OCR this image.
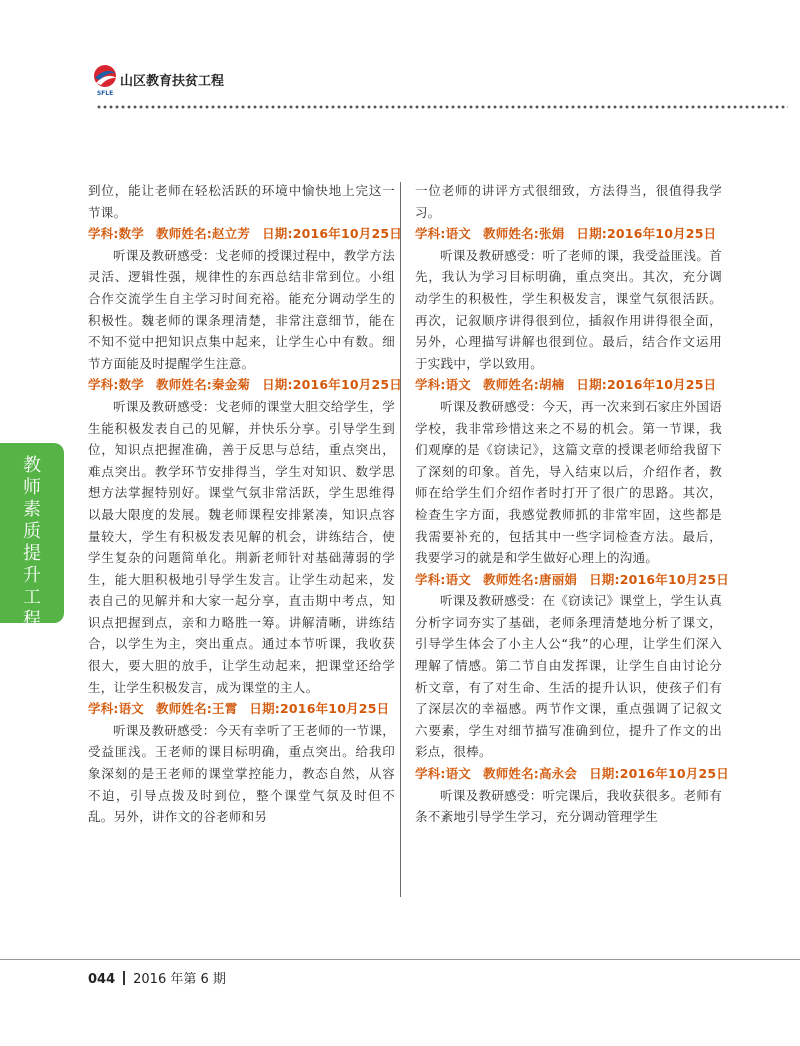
SFLE
山区教育扶贫工程
教师素质提升工程

到位，能让老师在轻松活跃的环境中愉快地上完这一节课。

学科:数学 教师姓名:赵立芳 日期:2016年10月25日

听课及教研感受：戈老师的授课过程中，教学方法灵活、逻辑性强，规律性的东西总结非常到位。小组合作交流学生自主学习时间充裕。能充分调动学生的积极性。魏老师的课条理清楚，非常注意细节，能在不知不觉中把知识点集中起来，让学生心中有数。细节方面能及时提醒学生注意。

学科:数学 教师姓名:秦金菊 日期:2016年10月25日

听课及教研感受：戈老师的课堂大胆交给学生，学生能积极发表自己的见解，并快乐分享。引导学生到位，知识点把握准确，善于反思与总结，重点突出，难点突出。教学环节安排得当，学生对知识、数学思想方法掌握特别好。课堂气氛非常活跃，学生思维得以最大限度的发展。魏老师课程安排紧凑，知识点容量较大，学生有积极发表见解的机会，讲练结合，使学生复杂的问题简单化。荆新老师针对基础薄弱的学生，能大胆积极地引导学生发言。让学生动起来，发表自己的见解并和大家一起分享，直击期中考点，知识点把握到点，亲和力略胜一筹。讲解清晰，讲练结合，以学生为主，突出重点。通过本节听课，我收获很大，要大胆的放手，让学生动起来，把课堂还给学生，让学生积极发言，成为课堂的主人。

学科:语文 教师姓名:王霄 日期:2016年10月25日

听课及教研感受：今天有幸听了王老师的一节课，受益匪浅。王老师的课目标明确，重点突出。给我印象深刻的是王老师的课堂掌控能力，教态自然，从容不迫，引导点拨及时到位，整个课堂气氛及时但不乱。另外，讲作文的谷老师和另

一位老师的讲评方式很细致，方法得当，很值得我学习。

学科:语文 教师姓名:张娟 日期:2016年10月25日

听课及教研感受：听了老师的课，我受益匪浅。首先，我认为学习目标明确，重点突出。其次，充分调动学生的积极性，学生积极发言，课堂气氛很活跃。再次，记叙顺序讲得很到位，插叙作用讲得很全面，另外，心理描写讲解也很到位。最后，结合作文运用于实践中，学以致用。

学科:语文 教师姓名:胡楠 日期:2016年10月25日

听课及教研感受：今天，再一次来到石家庄外国语学校，我非常珍惜这来之不易的机会。第一节课，我们观摩的是《窃读记》，这篇文章的授课老师给我留下了深刻的印象。首先，导入结束以后，介绍作者，教师在给学生们介绍作者时打开了很广的思路。其次，检查生字方面，我感觉教师抓的非常牢固，这些都是我需要补充的，包括其中一些字词检查方法。最后，我要学习的就是和学生做好心理上的沟通。

学科:语文 教师姓名:唐丽娟 日期:2016年10月25日

听课及教研感受：在《窃读记》课堂上，学生认真分析字词夯实了基础，老师条理清楚地分析了课文，引导学生体会了小主人公“我”的心理，让学生们深入理解了情感。第二节自由发挥课，让学生自由讨论分析文章，有了对生命、生活的提升认识，使孩子们有了深层次的幸福感。两节作文课，重点强调了记叙文六要素，学生对细节描写准确到位，提升了作文的出彩点，很棒。

学科:语文 教师姓名:高永会 日期:2016年10月25日

听课及教研感受：听完课后，我收获很多。老师有条不紊地引导学生学习，充分调动管理学生

044 2016 年第 6 期
